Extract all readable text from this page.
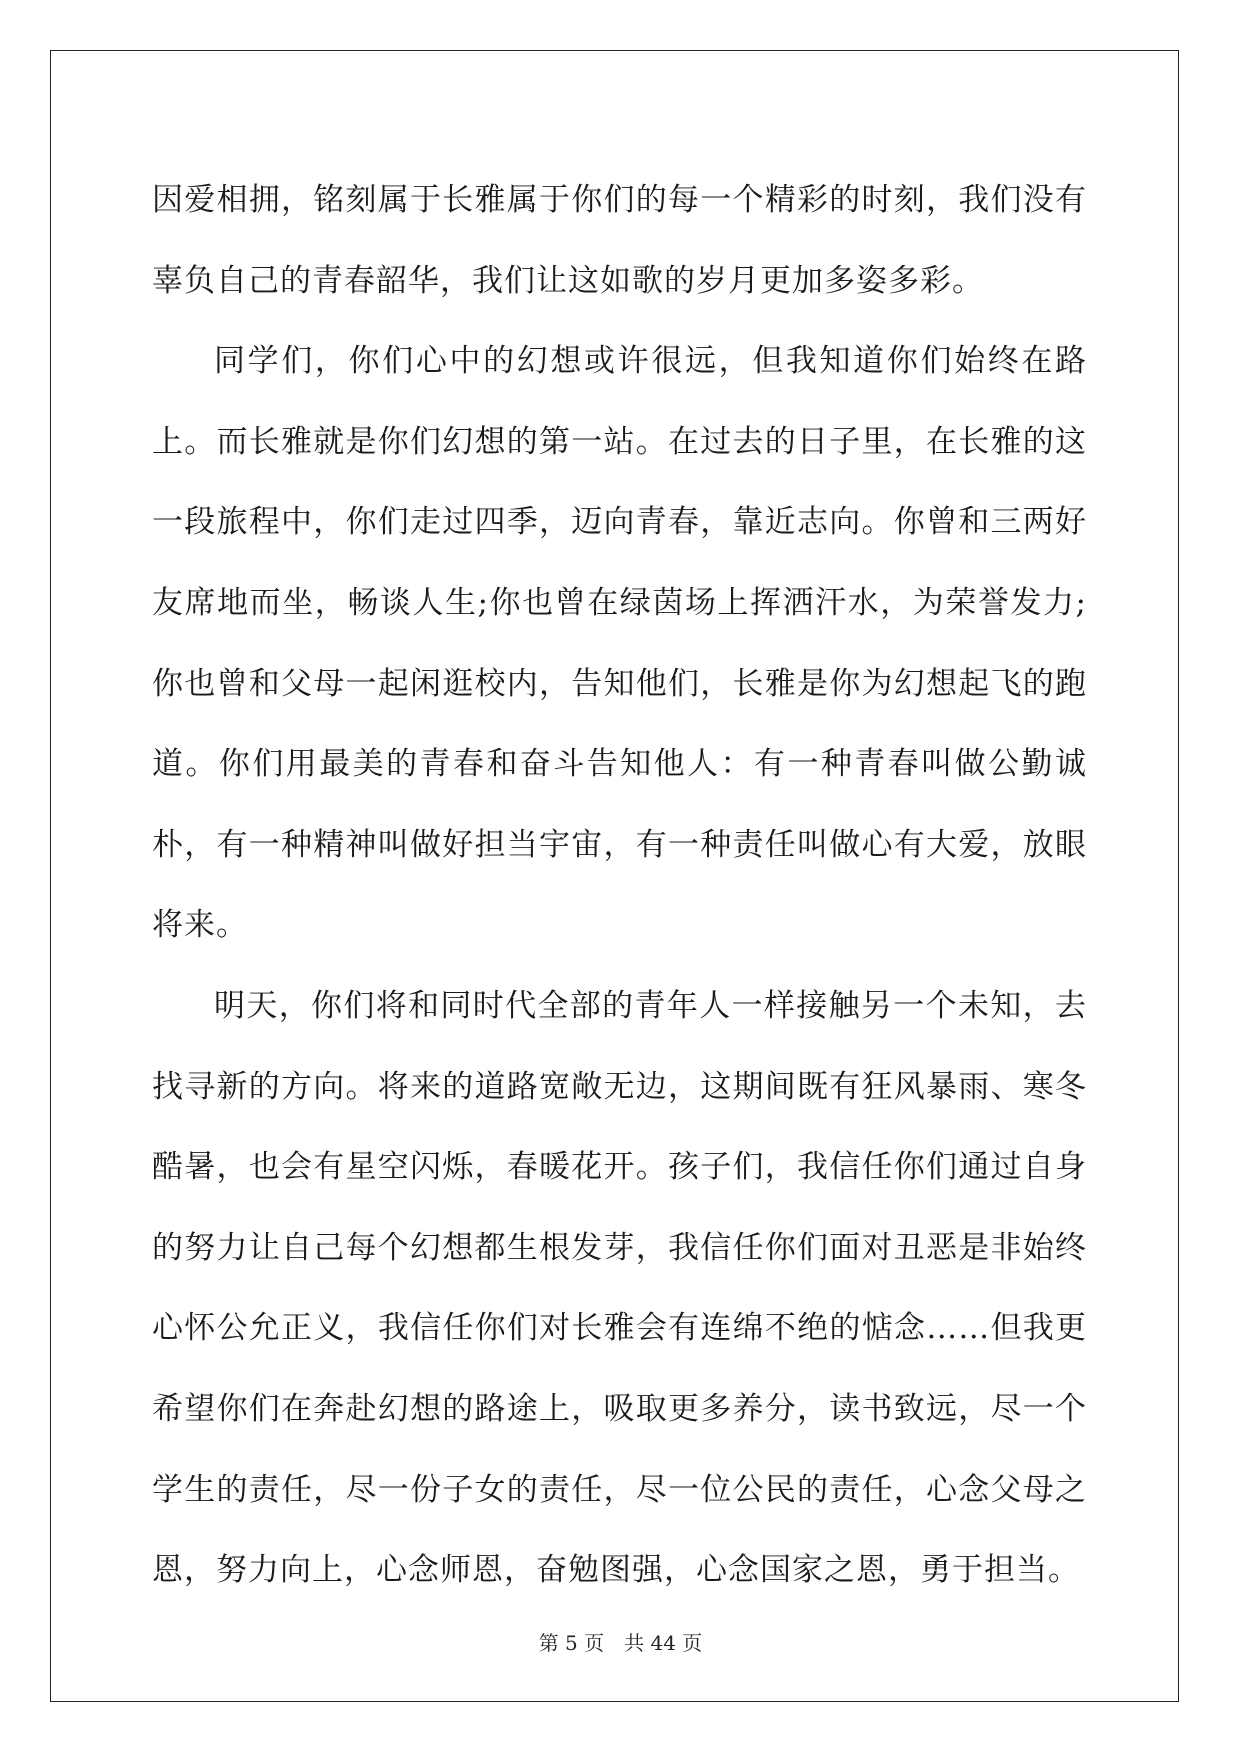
因爱相拥，铭刻属于长雅属于你们的每一个精彩的时刻，我们没有辜负自己的青春韶华，我们让这如歌的岁月更加多姿多彩。

同学们，你们心中的幻想或许很远，但我知道你们始终在路上。而长雅就是你们幻想的第一站。在过去的日子里，在长雅的这一段旅程中，你们走过四季，迈向青春，靠近志向。你曾和三两好友席地而坐，畅谈人生;你也曾在绿茵场上挥洒汗水，为荣誉发力;你也曾和父母一起闲逛校内，告知他们，长雅是你为幻想起飞的跑道。你们用最美的青春和奋斗告知他人：有一种青春叫做公勤诚朴，有一种精神叫做好担当宇宙，有一种责任叫做心有大爱，放眼将来。

明天，你们将和同时代全部的青年人一样接触另一个未知，去找寻新的方向。将来的道路宽敞无边，这期间既有狂风暴雨、寒冬酷暑，也会有星空闪烁，春暖花开。孩子们，我信任你们通过自身的努力让自己每个幻想都生根发芽，我信任你们面对丑恶是非始终心怀公允正义，我信任你们对长雅会有连绵不绝的惦念……但我更希望你们在奔赴幻想的路途上，吸取更多养分，读书致远，尽一个学生的责任，尽一份子女的责任，尽一位公民的责任，心念父母之恩，努力向上，心念师恩，奋勉图强，心念国家之恩，勇于担当。

第 5 页 共 44 页
